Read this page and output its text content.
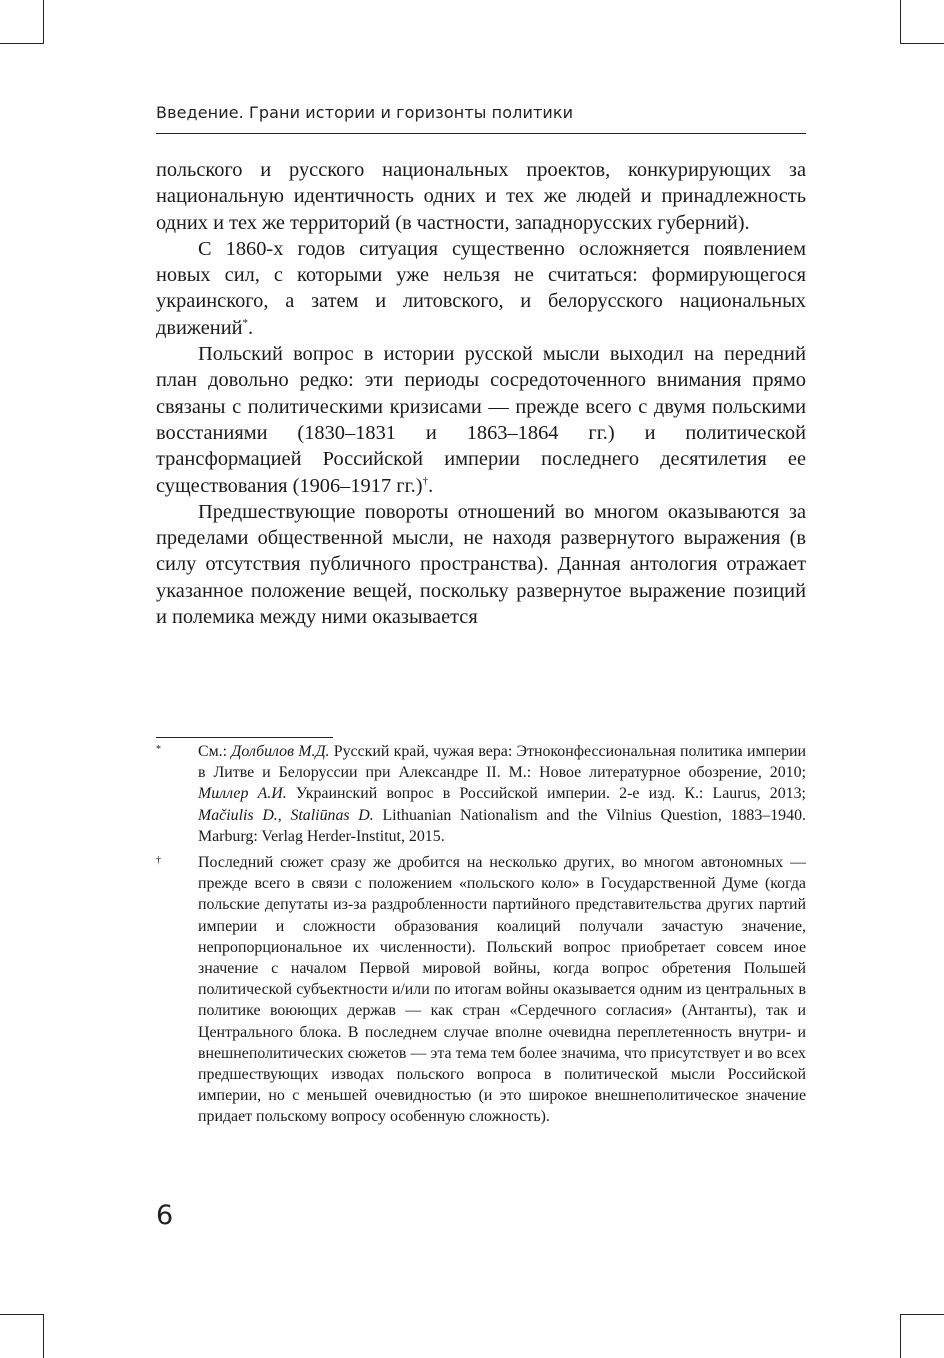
Введение. Грани истории и горизонты политики

польского и русского национальных проектов, конкурирующих за национальную идентичность одних и тех же людей и принадлежность одних и тех же территорий (в частности, западнорусских губерний).

С 1860-х годов ситуация существенно осложняется появлением новых сил, с которыми уже нельзя не считаться: формирующегося украинского, а затем и литовского, и белорусского национальных движений*.

Польский вопрос в истории русской мысли выходил на передний план довольно редко: эти периоды сосредоточенного внимания прямо связаны с политическими кризисами — прежде всего с двумя польскими восстаниями (1830–1831 и 1863–1864 гг.) и политической трансформацией Российской империи последнего десятилетия ее существования (1906–1917 гг.)†.

Предшествующие повороты отношений во многом оказываются за пределами общественной мысли, не находя развернутого выражения (в силу отсутствия публичного пространства). Данная антология отражает указанное положение вещей, поскольку развернутое выражение позиций и полемика между ними оказывается

* См.: Долбилов М.Д. Русский край, чужая вера: Этноконфессиональная политика империи в Литве и Белоруссии при Александре II. М.: Новое литературное обозрение, 2010; Миллер А.И. Украинский вопрос в Российской империи. 2-е изд. К.: Laurus, 2013; Mačiulis D., Staliūnas D. Lithuanian Nationalism and the Vilnius Question, 1883–1940. Marburg: Verlag Herder-Institut, 2015.
† Последний сюжет сразу же дробится на несколько других, во многом автономных — прежде всего в связи с положением «польского коло» в Государственной Думе (когда польские депутаты из-за раздробленности партийного представительства других партий империи и сложности образования коалиций получали зачастую значение, непропорциональное их численности). Польский вопрос приобретает совсем иное значение с началом Первой мировой войны, когда вопрос обретения Польшей политической субъектности и/или по итогам войны оказывается одним из центральных в политике воюющих держав — как стран «Сердечного согласия» (Антанты), так и Центрального блока. В последнем случае вполне очевидна переплетенность внутри- и внешнеполитических сюжетов — эта тема тем более значима, что присутствует и во всех предшествующих изводах польского вопроса в политической мысли Российской империи, но с меньшей очевидностью (и это широкое внешнеполитическое значение придает польскому вопросу особенную сложность).
6
